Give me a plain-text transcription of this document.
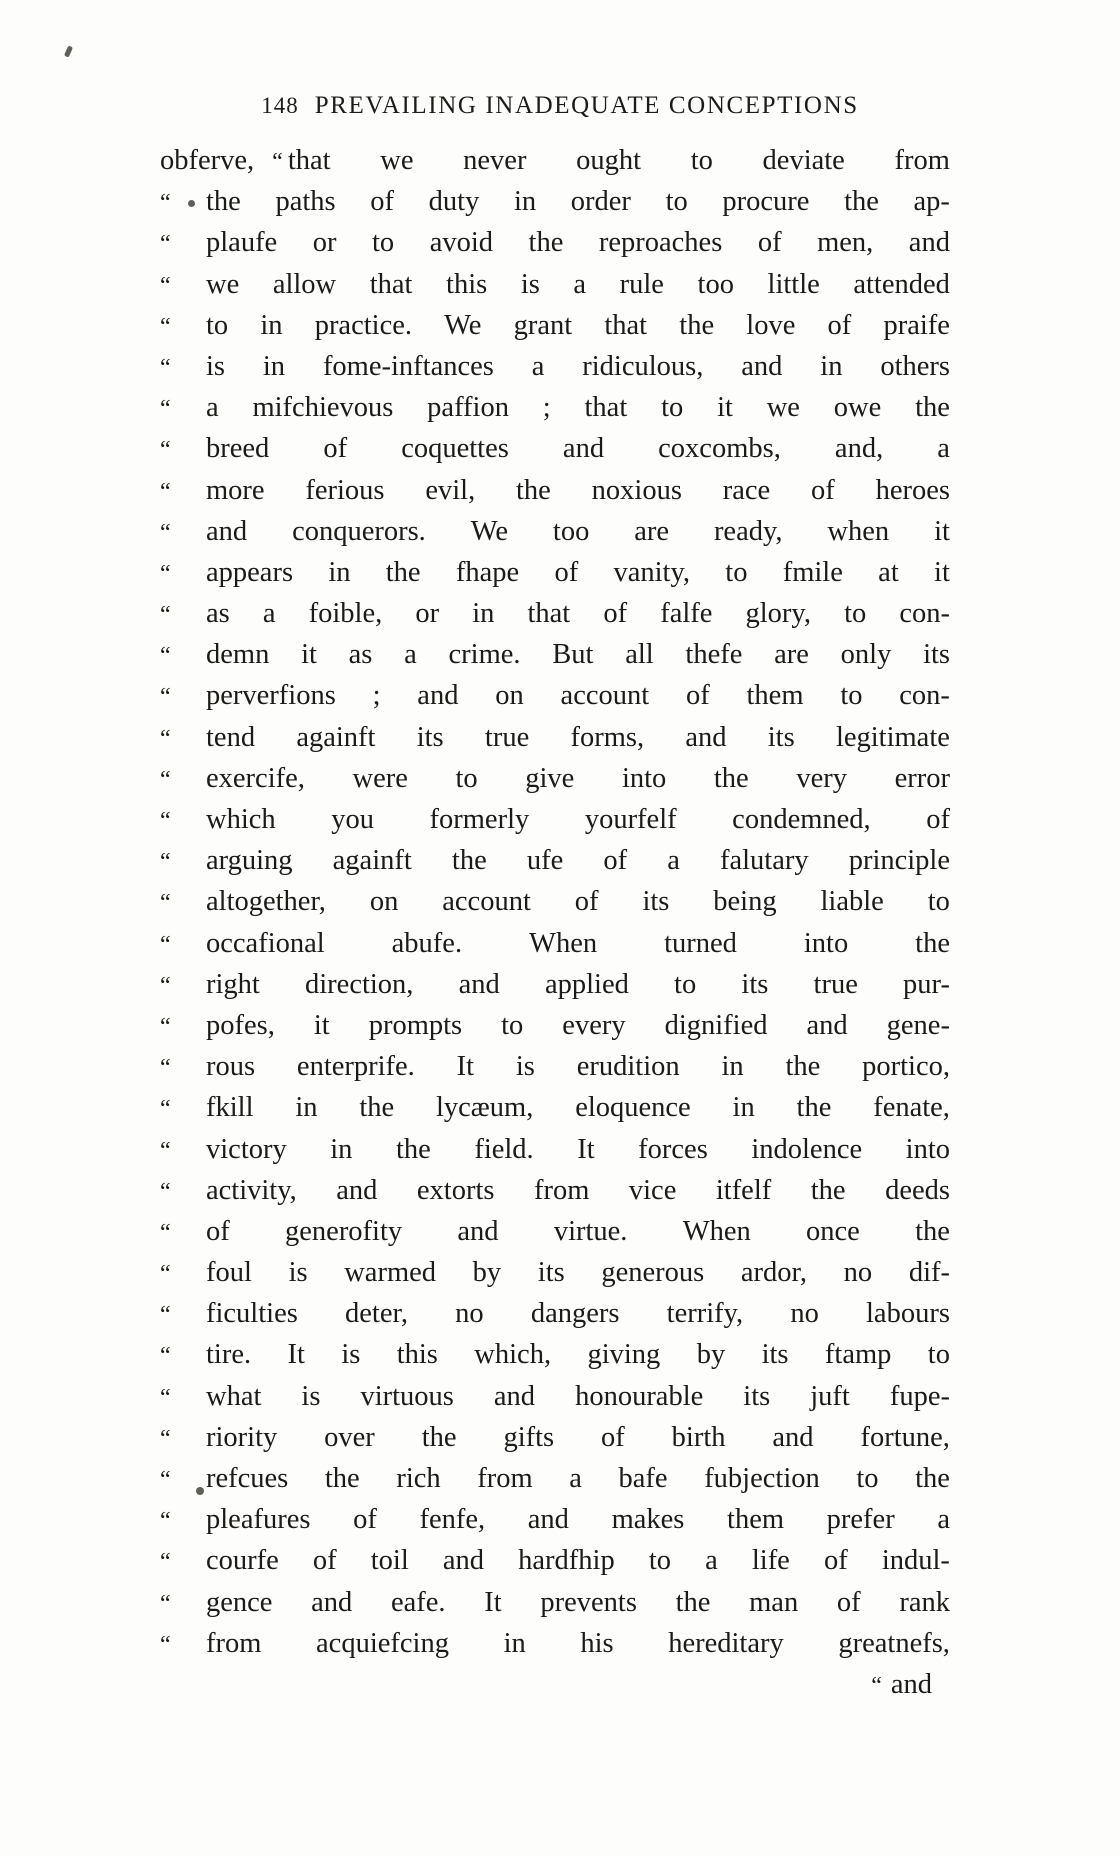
148 PREVAILING INADEQUATE CONCEPTIONS
obferve, “ that we never ought to deviate from
“	the paths of duty in order to procure the ap-
“	plaufe or to avoid the reproaches of men, and
“	we allow that this is a rule too little attended
“	to in practice. We grant that the love of praife
“	is in fome-inftances a ridiculous, and in others
“	a mifchievous paffion ; that to it we owe the
“	breed of coquettes and coxcombs, and, a
“	more ferious evil, the noxious race of heroes
“	and conquerors. We too are ready, when it
“	appears in the fhape of vanity, to fmile at it
“	as a foible, or in that of falfe glory, to con-
“	demn it as a crime. But all thefe are only its
“	perverfions ; and on account of them to con-
“	tend againft its true forms, and its legitimate
“	exercife, were to give into the very error
“	which you formerly yourfelf condemned, of
“	arguing againft the ufe of a falutary principle
“	altogether, on account of its being liable to
“	occafional abufe. When turned into the
“	right direction, and applied to its true pur-
“	pofes, it prompts to every dignified and gene-
“	rous enterprife. It is erudition in the portico,
“	fkill in the lycæum, eloquence in the fenate,
“	victory in the field. It forces indolence into
“	activity, and extorts from vice itfelf the deeds
“	of generofity and virtue. When once the
“	foul is warmed by its generous ardor, no dif-
“	ficulties deter, no dangers terrify, no labours
“	tire. It is this which, giving by its ftamp to
“	what is virtuous and honourable its juft fupe-
“	riority over the gifts of birth and fortune,
“	refcues the rich from a bafe fubjection to the
“	pleafures of fenfe, and makes them prefer a
“	courfe of toil and hardfhip to a life of indul-
“	gence and eafe. It prevents the man of rank
“	from acquiefcing in his hereditary greatnefs,
“ and
